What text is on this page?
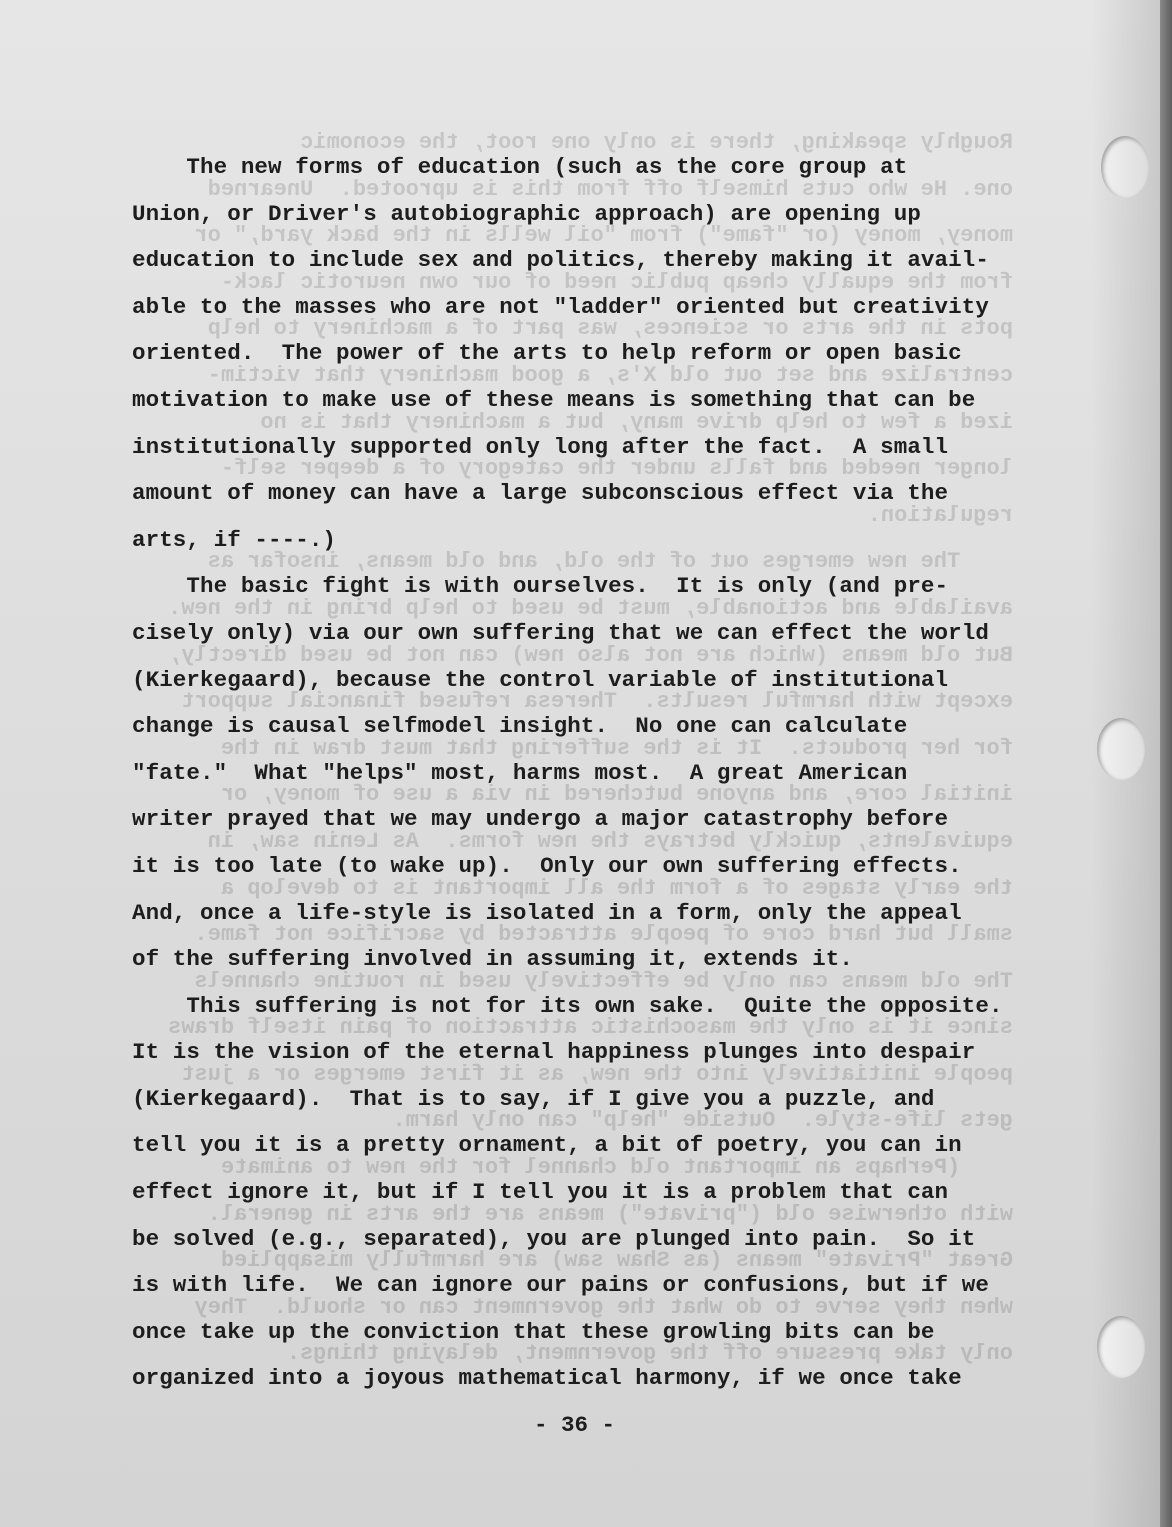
Roughly speaking, there is only one root, the economic
one. He who cuts himself off from this is uprooted.  Unearned
money, money (or "fame") from "oil wells in the back yard," or
from the equally cheap public need of our own neurotic lack-
pots in the arts or sciences, was part of a machinery to help
centralize and set out old X's, a good machinery that victim-
ized a few to help drive many, but a machinery that is no
longer needed and falls under the category of a deeper self-
regulation.
The new emerges out of the old, and old means, insofar as
available and actionable, must be used to help bring in the new.
But old means (which are not also new) can not be used directly,
except with harmful results.  Theresa refused financial support
for her products.  It is the suffering that must draw in the
initial core, and anyone butchered in via a use of money, or
equivalents, quickly betrays the new forms.  As Lenin saw, in
the early stages of a form the all important is to develop a
small but hard core of people attracted by sacrifice not fame.
The old means can only be effectively used in routine channels
since it is only the masochistic attraction of pain itself draws
people initiatively into the new, as it first emerges or a just
gets life-style.  Outside "help" can only harm.
(Perhaps an important old channel for the new to animate
with otherwise old ("private") means are the arts in general.
Great "Private" means (as Shaw saw) are harmfully misapplied
when they serve to do what the government can or should.  They
only take pressure off the government, delaying things.
The new forms of education (such as the core group at
Union, or Driver's autobiographic approach) are opening up
education to include sex and politics, thereby making it avail-
able to the masses who are not "ladder" oriented but creativity
oriented.  The power of the arts to help reform or open basic
motivation to make use of these means is something that can be
institutionally supported only long after the fact.  A small
amount of money can have a large subconscious effect via the
arts, if ----.)
The basic fight is with ourselves.  It is only (and pre-
cisely only) via our own suffering that we can effect the world
(Kierkegaard), because the control variable of institutional
change is causal selfmodel insight.  No one can calculate
"fate."  What "helps" most, harms most.  A great American
writer prayed that we may undergo a major catastrophy before
it is too late (to wake up).  Only our own suffering effects.
And, once a life-style is isolated in a form, only the appeal
of the suffering involved in assuming it, extends it.
This suffering is not for its own sake.  Quite the opposite.
It is the vision of the eternal happiness plunges into despair
(Kierkegaard).  That is to say, if I give you a puzzle, and
tell you it is a pretty ornament, a bit of poetry, you can in
effect ignore it, but if I tell you it is a problem that can
be solved (e.g., separated), you are plunged into pain.  So it
is with life.  We can ignore our pains or confusions, but if we
once take up the conviction that these growling bits can be
organized into a joyous mathematical harmony, if we once take
- 36 -
